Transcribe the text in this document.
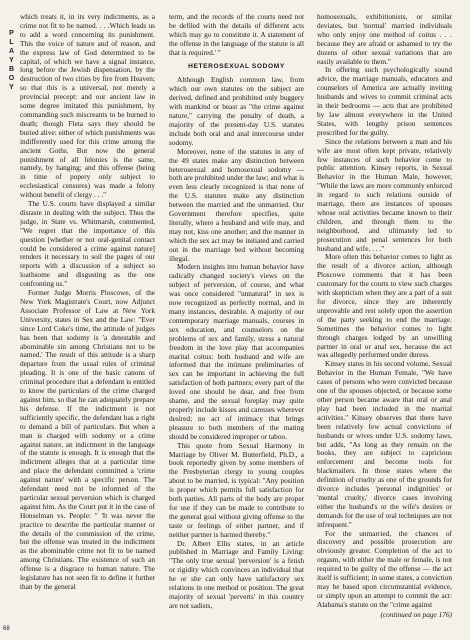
PLAYBOY
68

which treats it, in its very indictments, as a crime not fit to be named. . . .Which leads us to add a word concerning its punishment. This the voice of nature and of reason, and the express law of God determined to be capital, of which we have a signal instance, long before the Jewish dispensation, by the destruction of two cities by fire from Heaven; so that this is a universal, not merely a provincial precept: and our ancient law in some degree imitated this punishment, by commanding such miscreants to be burned to death; though Fleta says they should be buried alive: either of which punishments was indifferently used for this crime among the ancient Goths. But now the general punishment of all felonies is the same, namely, by hanging; and this offense (being in time of popery only subject to ecclesiastical censures) was made a felony without benefit of clergy . . ."

The U.S. courts have displayed a similar distaste in dealing with the subject. Thus the judge, in State vs. Whitmarsh, commented, "We regret that the importance of this question [whether or not oral-genital contact could be considered a crime against nature] renders it necessary to soil the pages of our reports with a discussion of a subject so loathsome and disgusting as the one confronting us."

Former Judge Morris Ploscowe, of the New York Magistrate's Court, now Adjunct Associate Professor of Law at New York University, states in Sex and the Law: "Ever since Lord Coke's time, the attitude of judges has been that sodomy is 'a detestable and abominable sin among Christians not to be named.' The result of this attitude is a sharp departure from the usual rules of criminal pleading. It is one of the basic canons of criminal procedure that a defendant is entitled to know the particulars of the crime charged against him, so that he can adequately prepare his defense. If the indictment is not sufficiently specific, the defendant has a right to demand a bill of particulars. But when a man is charged with sodomy or a crime against nature, an indictment in the language of the statute is enough. It is enough that the indictment alleges that at a particular time and place the defendant committed a 'crime against nature' with a specific person. The defendant need not be informed of the particular sexual perversion which is charged against him. As the Court put it in the case of Honselman vs. People: " 'It was never the practice to describe the particular manner or the details of the commission of the crime, but the offense was treated in the indictment as the abominable crime not fit to be named among Christians. The existence of such an offense is a disgrace to human nature. The legislature has not seen fit to define it further than by the general

term, and the records of the courts need not be defiled with the details of different acts which may go to constitute it. A statement of the offense in the language of the statute is all that is required.' "

HETEROSEXUAL SODOMY

Although English common law, from which our own statutes on the subject are derived, defined and prohibited only buggery with mankind or beast as "the crime against nature," carrying the penalty of death, a majority of the present-day U.S. statutes include both oral and anal intercourse under sodomy.

Moreover, none of the statutes in any of the 49 states make any distinction between heterosexual and homosexual sodomy — both are prohibited under the law; and what is even less clearly recognized is that none of the U.S. statutes make any distinction between the married and the unmarried. Our Government therefore specifies, quite literally, where a husband and wife may, and may not, kiss one another; and the manner in which the sex act may be initiated and carried out in the marriage bed without becoming illegal.

Modern insights into human behavior have radically changed society's views on the subject of perversion, of course, and what was once considered "unnatural" in sex is now recognized as perfectly normal, and in many instances, desirable. A majority of our contemporary marriage manuals, courses in sex education, and counselors on the problems of sex and family, stress a natural freedom in the love play that accompanies marital coitus: both husband and wife are informed that the intimate preliminaries of sex can be important in achieving the full satisfaction of both partners; every part of the loved one should be dear, and free from shame, and the sexual foreplay may quite properly include kisses and caresses wherever desired; no act of intimacy that brings pleasure to both members of the mating should be considered improper or taboo.

This quote from Sexual Harmony in Marriage by Oliver M. Butterfield, Ph.D., a book reportedly given by some members of the Presbyterian clergy to young couples about to be married, is typical: "Any position is proper which permits full satisfaction for both parties. All parts of the body are proper for use if they can be made to contribute to the general goal without giving offense to the taste or feelings of either partner, and if neither partner is harmed thereby."

Dr. Albert Ellis states, in an article published in Marriage and Family Living: "The only true sexual 'perversion' is a fetish or rigidity which convinces an individual that he or she can only have satisfactory sex relations in one method or position. The great majority of sexual 'perverts' in this country are not sadists,

homosexuals, exhibitionists, or similar deviates, but 'normal' married individuals who only enjoy one method of coitus . . . because they are afraid or ashamed to try the dozens of other sexual variations that are easily available to them."

In offering such psychologically sound advice, the marriage manuals, educators and counselors of America are actually inviting husbands and wives to commit criminal acts in their bedrooms — acts that are prohibited by law almost everywhere in the United States, with lengthy prison sentences prescribed for the guilty.

Since the relations between a man and his wife are most often kept private, relatively few instances of such behavior come to public attention. Kinsey reports, in Sexual Behavior in the Human Male, however, "While the laws are more commonly enforced in regard to such relations outside of marriage, there are instances of spouses whose oral activities became known to their children, and through them to the neighborhood, and ultimately led to prosecution and penal sentences for both husband and wife. . . ."

More often this behavior comes to light as the result of a divorce action, although Ploscowe comments that it has been customary for the courts to view such charges with skepticism when they are a part of a suit for divorce, since they are inherently unprovable and rest solely upon the assertion of the party seeking to end the marriage. Sometimes the behavior comes to light through charges lodged by an unwilling partner in oral or anal sex, because the act was allegedly performed under duress.

Kinsey states in his second volume, Sexual Behavior in the Human Female, "We have cases of persons who were convicted because one of the spouses objected, or because some other person became aware that oral or anal play had been included in the marital activities." Kinsey observes that there have been relatively few actual convictions of husbands or wives under U.S. sodomy laws, but adds, "As long as they remain on the books, they are subject to capricious enforcement and become tools for blackmailers. In those states where the definition of cruelty as one of the grounds for divorce includes 'personal indignities' or 'mental cruelty,' divorce cases involving either the husband's or the wife's desires or demands for the use of oral techniques are not infrequent."

For the unmarried, the chances of discovery and possible prosecution are obviously greater. Completion of the act to orgasm, with either the male or female, is not required to be guilty of the offense — the act itself is sufficient; in some states, a conviction may be based upon circumstantial evidence, or simply upon an attempt to commit the act: Alabama's statute on the "crime against

(continued on page 176)
